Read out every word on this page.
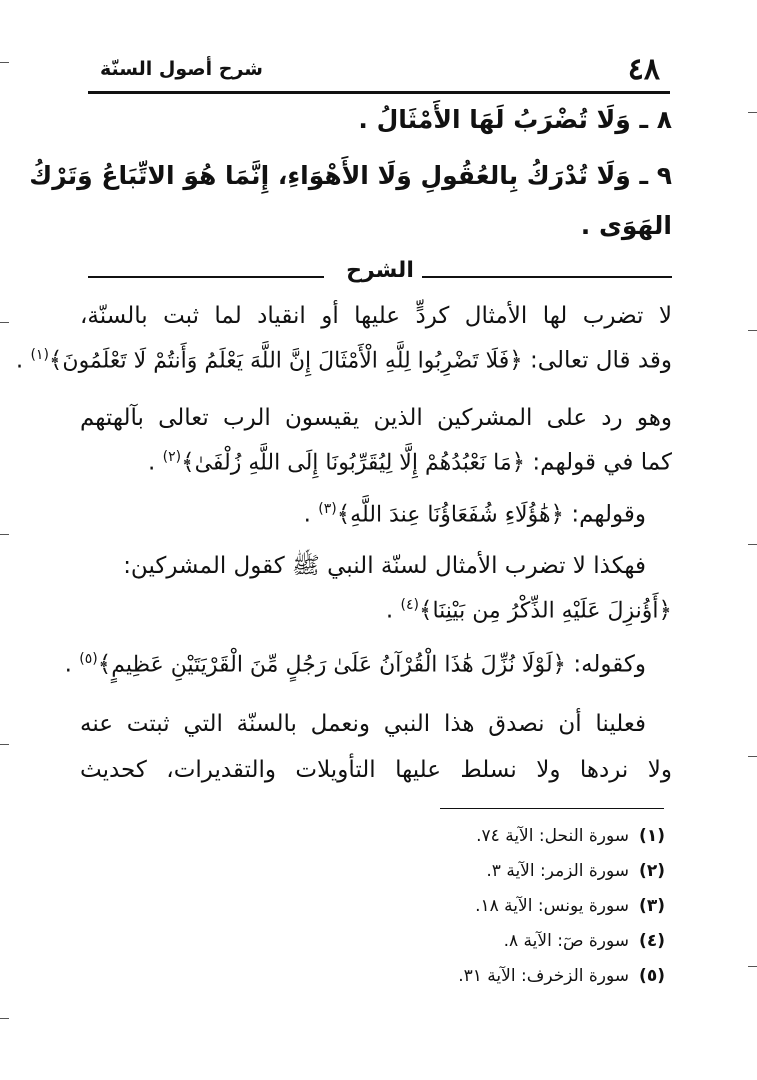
٤٨
شرح أصول السنّة
٨ ـ وَلَا تُضْرَبُ لَهَا الأَمْثَالُ .
٩ ـ وَلَا تُدْرَكُ بِالعُقُولِ وَلَا الأَهْوَاءِ، إِنَّمَا هُوَ الاتِّبَاعُ وَتَرْكُ
الهَوَى .
الشرح
لا تضرب لها الأمثال كردٍّ عليها أو انقياد لما ثبت بالسنّة،
وقد قال تعالى: ﴿فَلَا تَضْرِبُوا لِلَّهِ الْأَمْثَالَ إِنَّ اللَّهَ يَعْلَمُ وَأَنتُمْ لَا تَعْلَمُونَ﴾$^{(١)}$ .
وهو رد على المشركين الذين يقيسون الرب تعالى بآلهتهم
كما في قولهم: ﴿مَا نَعْبُدُهُمْ إِلَّا لِيُقَرِّبُونَا إِلَى اللَّهِ زُلْفَىٰ﴾$^{(٢)}$ .
وقولهم: ﴿هَٰؤُلَاءِ شُفَعَاؤُنَا عِندَ اللَّهِ﴾$^{(٣)}$ .
فهكذا لا تضرب الأمثال لسنّة النبي ﷺ كقول المشركين:
﴿أَؤُنزِلَ عَلَيْهِ الذِّكْرُ مِن بَيْنِنَا﴾$^{(٤)}$ .
وكقوله: ﴿لَوْلَا نُزِّلَ هَٰذَا الْقُرْآنُ عَلَىٰ رَجُلٍ مِّنَ الْقَرْيَتَيْنِ عَظِيمٍ﴾$^{(٥)}$ .
فعلينا أن نصدق هذا النبي ونعمل بالسنّة التي ثبتت عنه
ولا نردها ولا نسلط عليها التأويلات والتقديرات، كحديث
(١)سورة النحل: الآية ٧٤.
(٢)سورة الزمر: الآية ٣.
(٣)سورة يونس: الآية ١٨.
(٤)سورة صٓ: الآية ٨.
(٥)سورة الزخرف: الآية ٣١.
